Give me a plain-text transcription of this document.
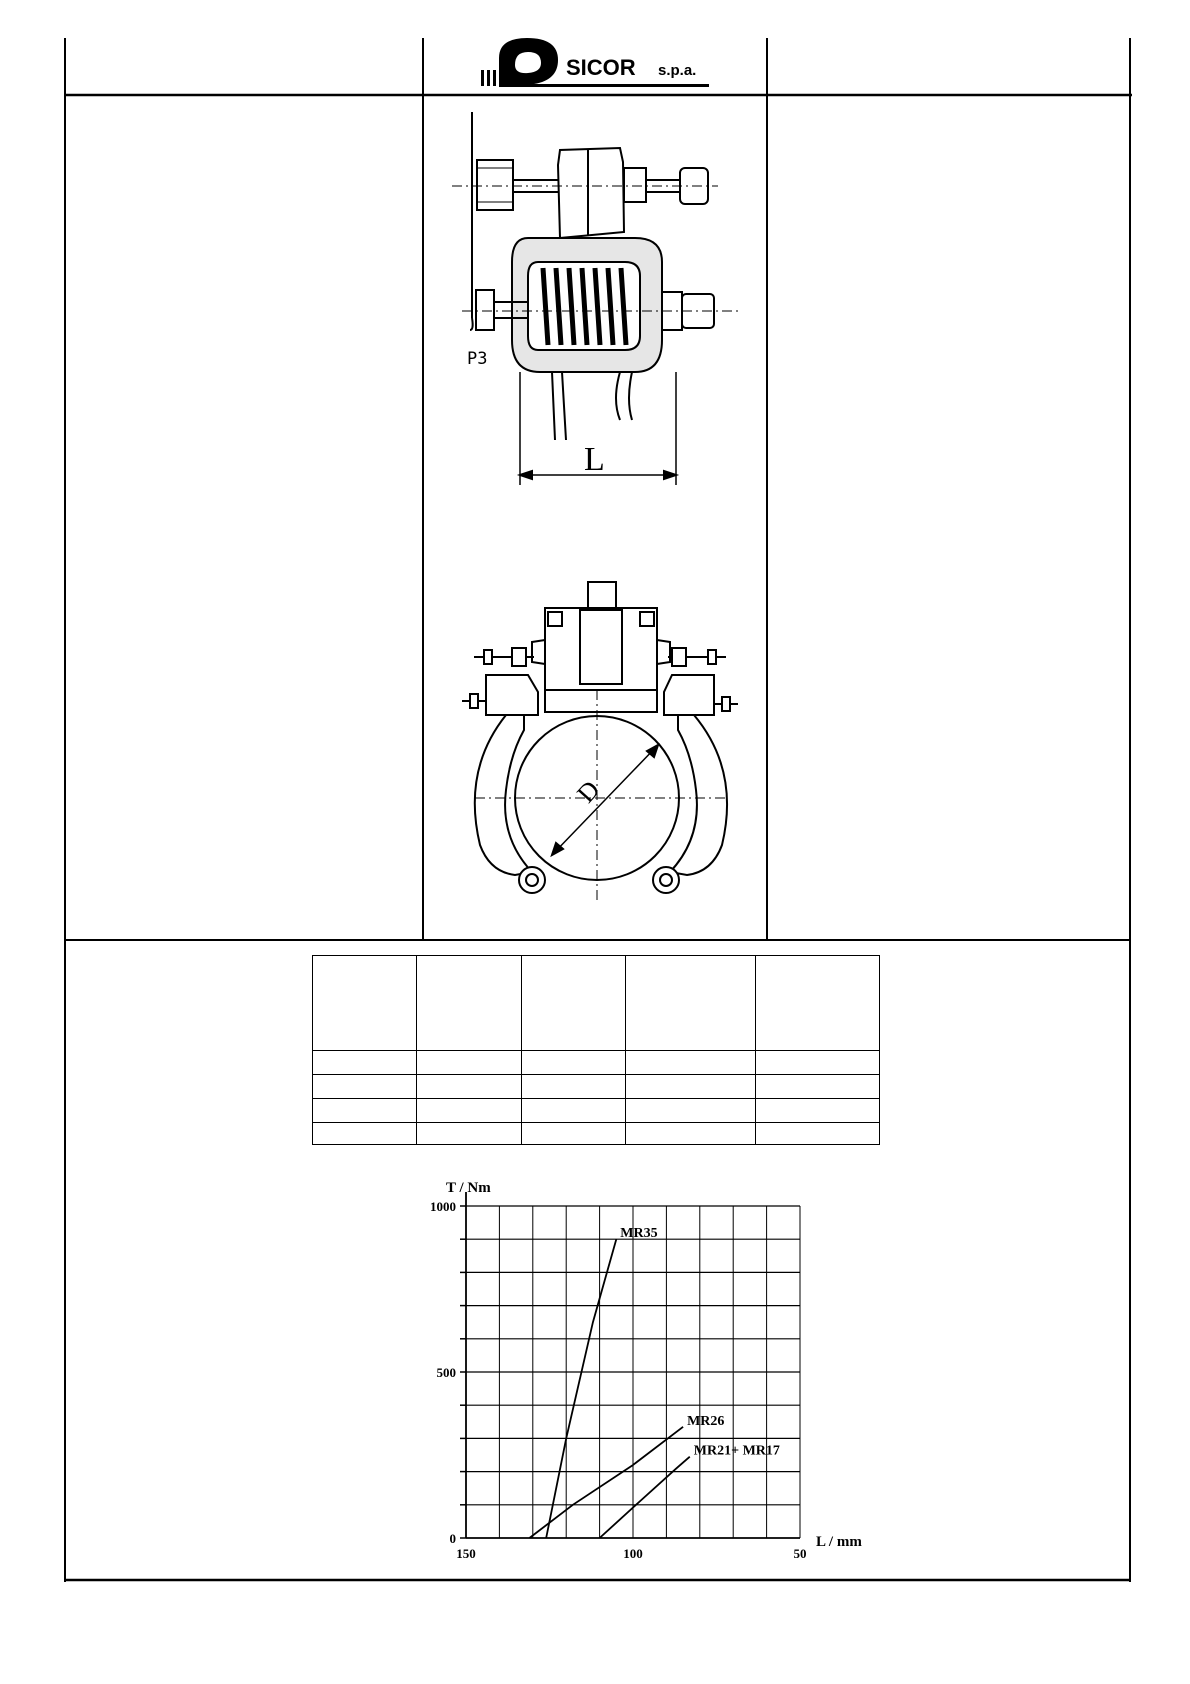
SICOR s.p.a.
P3
L
D
0
500
1000
150	100	50
MR35
MR26
MR21+ MR17
T / Nm
L / mm
